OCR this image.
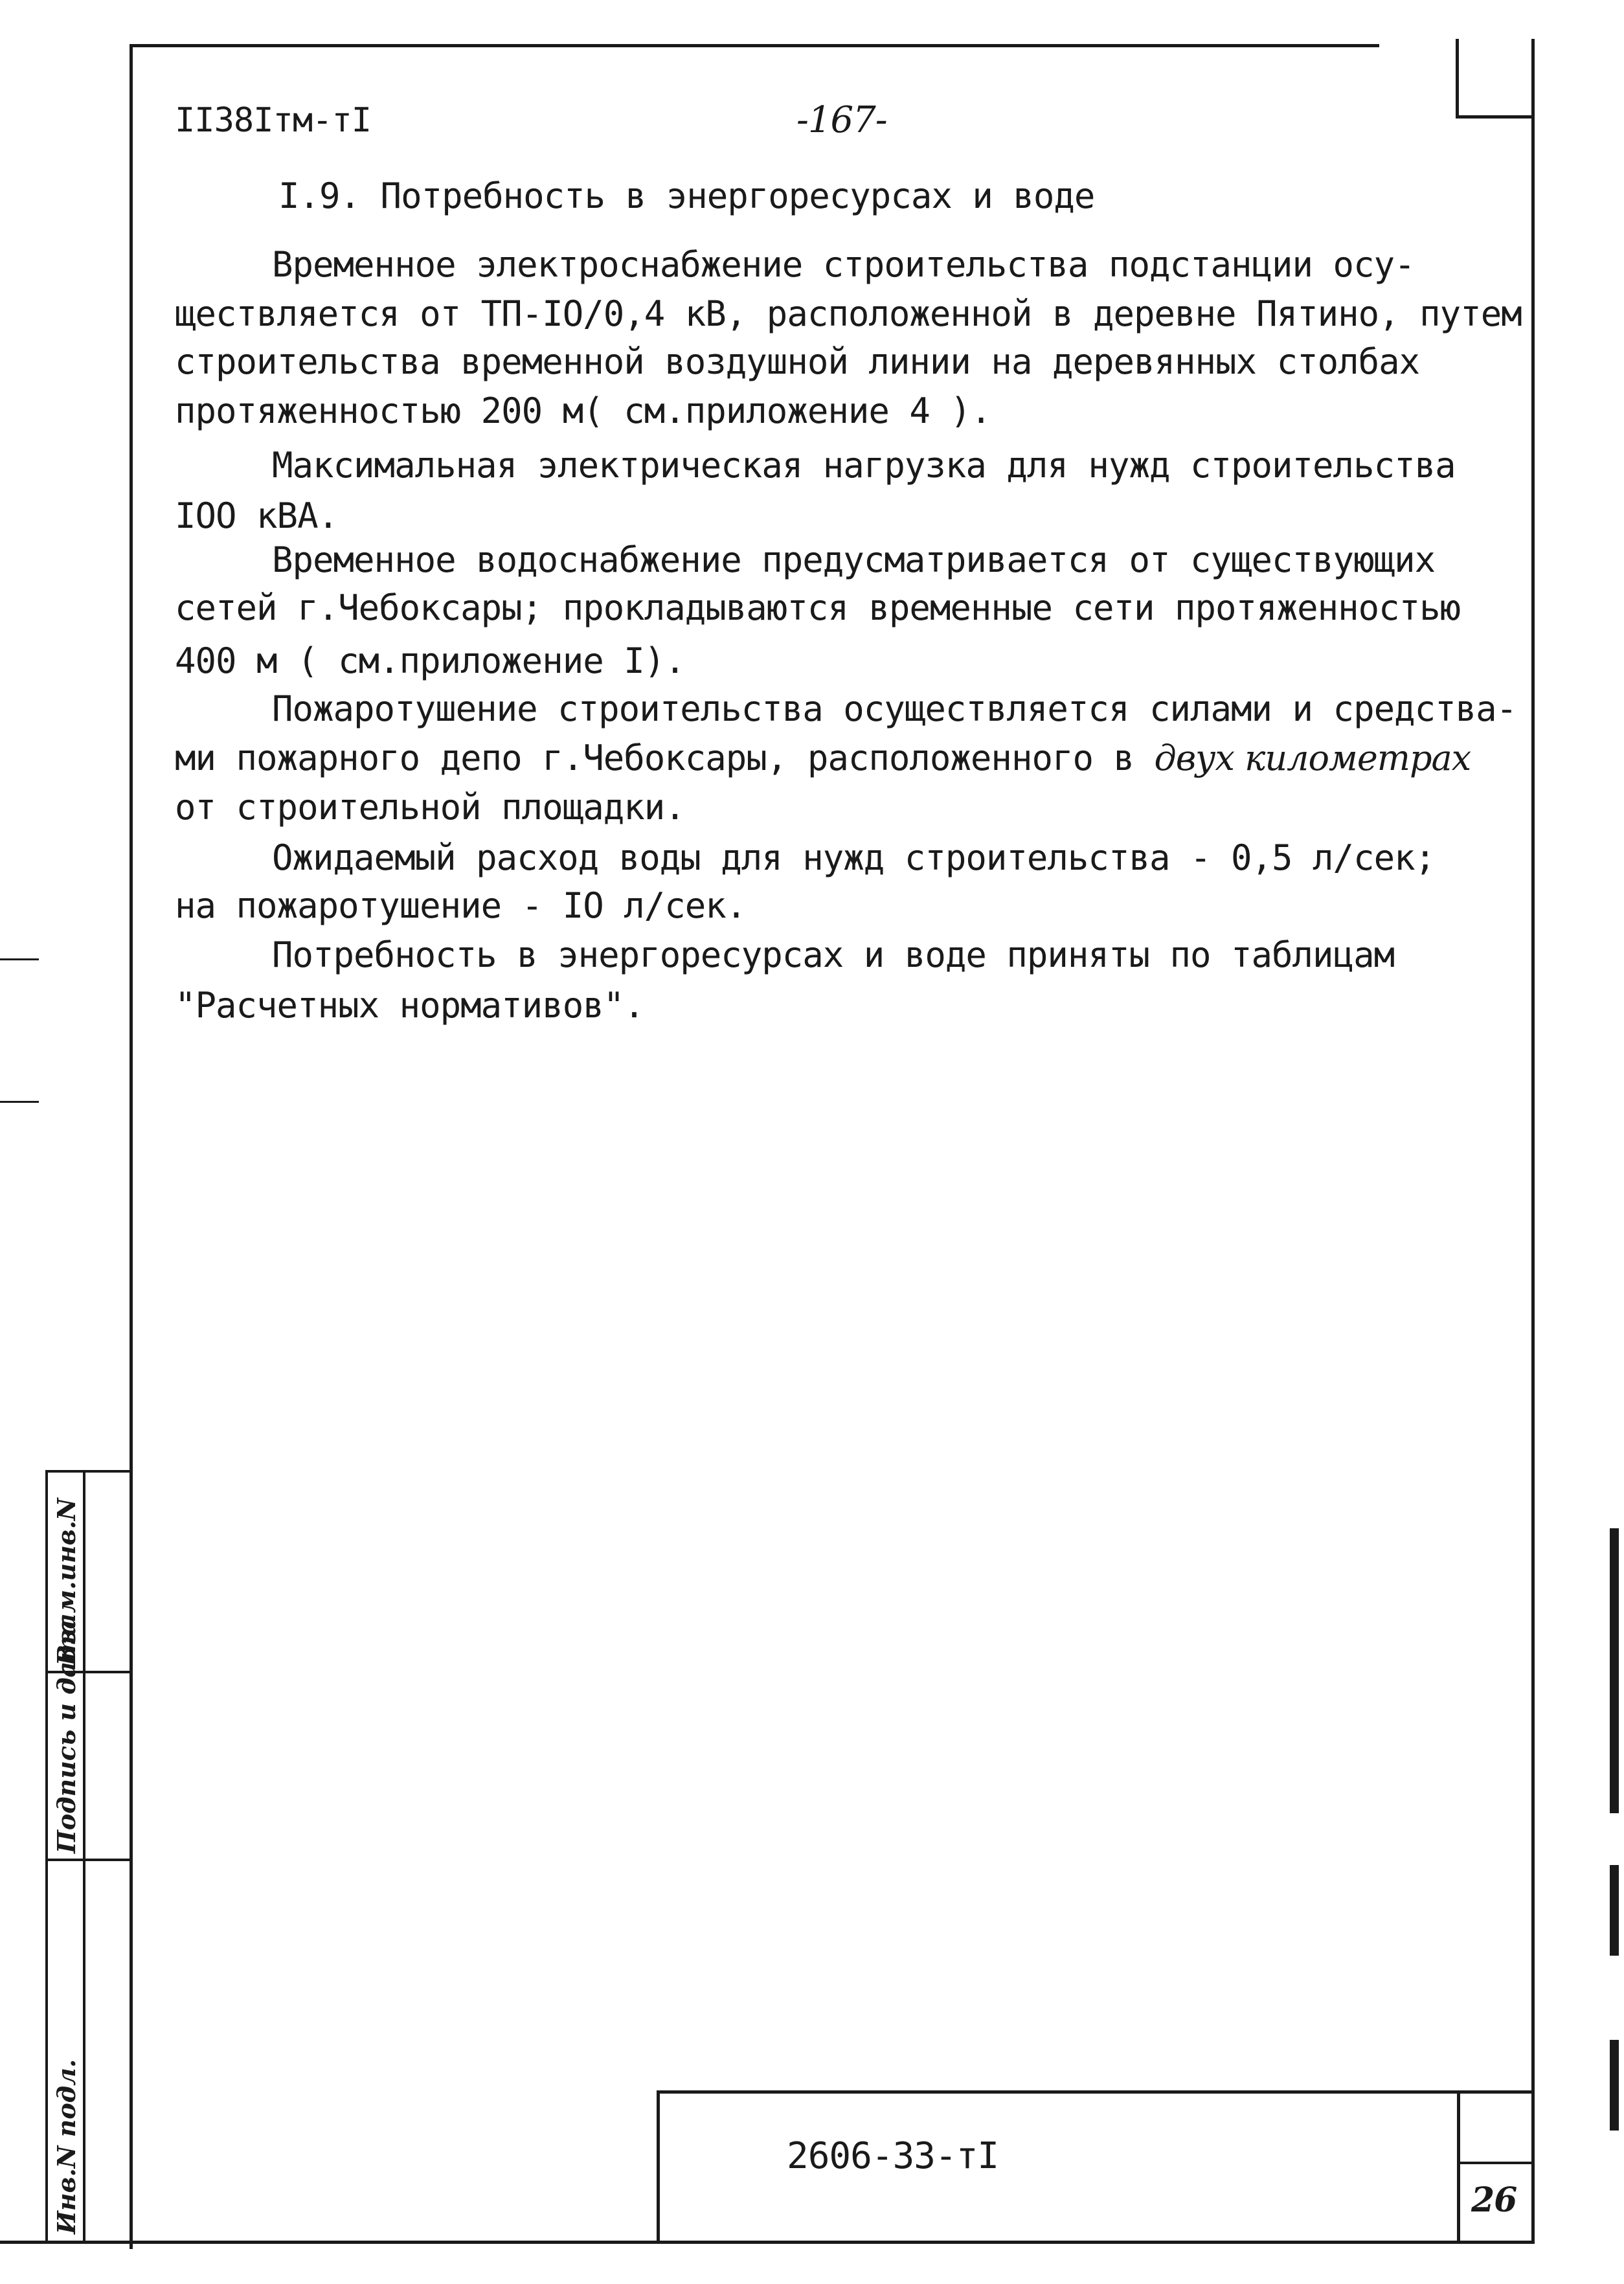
II38Iтм-тI	-167-
I.9. Потребность в энергоресурсах и воде
Временное электроснабжение строительства подстанции осу-
ществляется от ТП-IO/0,4 кВ, расположенной в деревне Пятино, путем
строительства временной воздушной линии на деревянных столбах
протяженностью 200 м( см.приложение 4 ).
Максимальная электрическая нагрузка для нужд строительства
IOO кВА.
Временное водоснабжение предусматривается от существующих
сетей г.Чебоксары; прокладываются временные сети протяженностью
400 м ( см.приложение I).
Пожаротушение строительства осуществляется силами и средства-
ми пожарного депо г.Чебоксары, расположенного в двух километрах
от строительной площадки.
Ожидаемый расход воды для нужд строительства - 0,5 л/сек;
на пожаротушение - IO л/сек.
Потребность в энергоресурсах и воде приняты по таблицам
"Расчетных нормативов".
Инв.N подл.
Подпись и дата
Взам.инв.N
2606-33-тI
26
